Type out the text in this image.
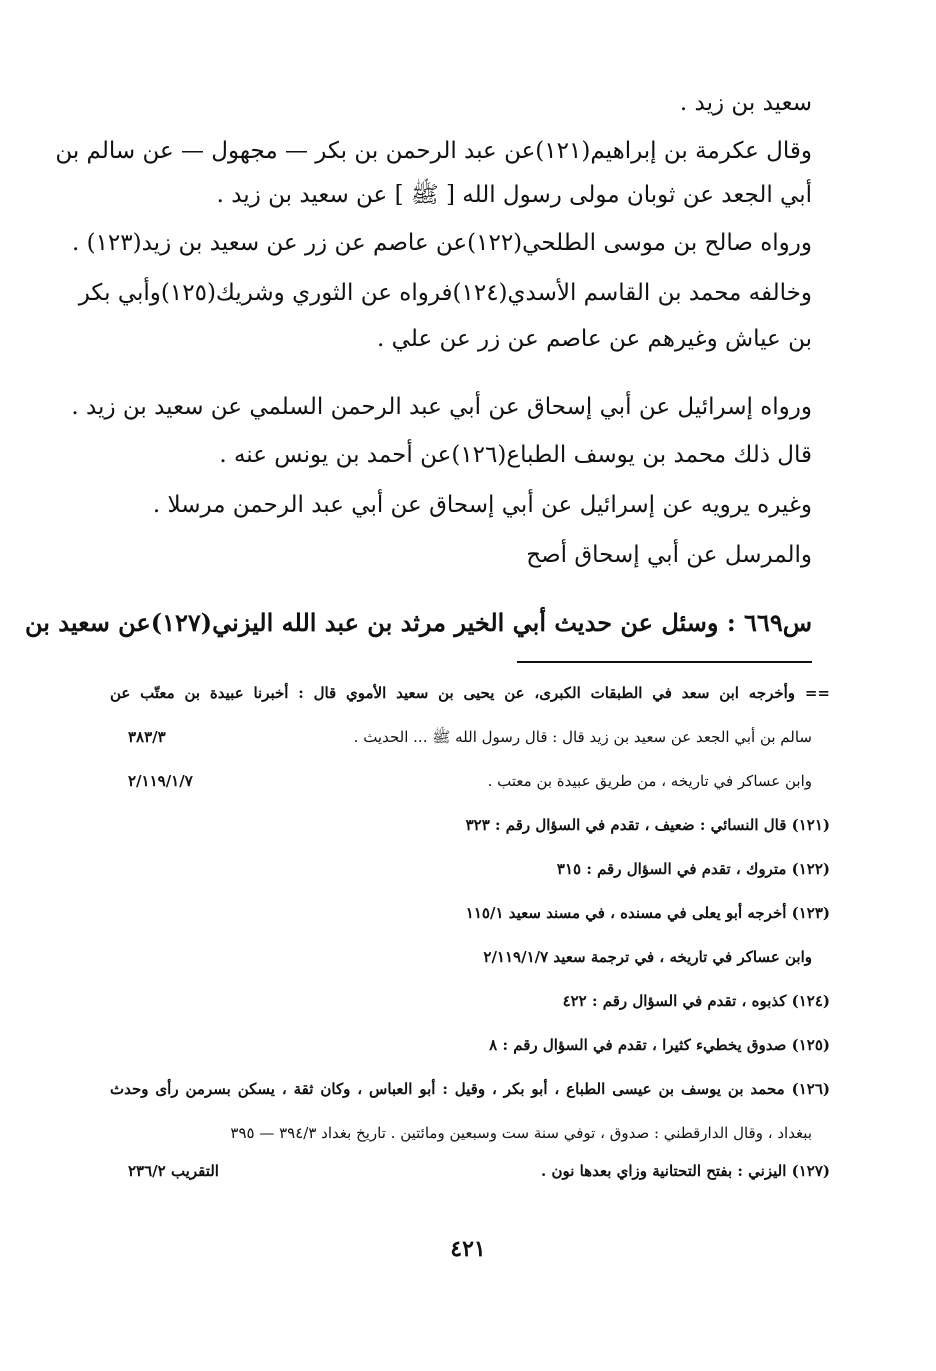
سعيد بن زيد .
وقال عكرمة بن إبراهيم(١٢١)عن عبد الرحمن بن بكر — مجهول — عن سالم بن
أبي الجعد عن ثوبان مولى رسول الله [ ﷺ ] عن سعيد بن زيد .
ورواه صالح بن موسى الطلحي(١٢٢)عن عاصم عن زر عن سعيد بن زيد(١٢٣) .
وخالفه محمد بن القاسم الأسدي(١٢٤)فرواه عن الثوري وشريك(١٢٥)وأبي بكر
بن عياش وغيرهم عن عاصم عن زر عن علي .
ورواه إسرائيل عن أبي إسحاق عن أبي عبد الرحمن السلمي عن سعيد بن زيد .
قال ذلك محمد بن يوسف الطباع(١٢٦)عن أحمد بن يونس عنه .
وغيره يرويه عن إسرائيل عن أبي إسحاق عن أبي عبد الرحمن مرسلا .
والمرسل عن أبي إسحاق أصح
س٦٦٩ : وسئل عن حديث أبي الخير مرثد بن عبد الله اليزني(١٢٧)عن سعيد بن
== وأخرجه ابن سعد في الطبقات الكبرى، عن يحيى بن سعيد الأموي قال : أخبرنا عبيدة بن معتّب عن
سالم بن أبي الجعد عن سعيد بن زيد قال : قال رسول الله ﷺ ... الحديث .
وابن عساكر في تاريخه ، من طريق عبيدة بن معتب .
(١٢١) قال النسائي : ضعيف ، تقدم في السؤال رقم : ٣٢٣
(١٢٢) متروك ، تقدم في السؤال رقم : ٣١٥
(١٢٣) أخرجه أبو يعلى في مسنده ، في مسند سعيد ١١٥/١
وابن عساكر في تاريخه ، في ترجمة سعيد ٢/١١٩/١/٧
(١٢٤) كذبوه ، تقدم في السؤال رقم : ٤٢٢
(١٢٥) صدوق يخطيء كثيرا ، تقدم في السؤال رقم : ٨
(١٢٦) محمد بن يوسف بن عيسى الطباع ، أبو بكر ، وقيل : أبو العباس ، وكان ثقة ، يسكن بسرمن رأى وحدث
ببغداد ، وقال الدارقطني : صدوق ، توفي سنة ست وسبعين ومائتين . تاريخ بغداد ٣٩٤/٣ — ٣٩٥
(١٢٧) اليزني : بفتح التحتانية وزاي بعدها نون .
٣٨٣/٣
٢/١١٩/١/٧
التقريب ٢٣٦/٢
٤٢١
